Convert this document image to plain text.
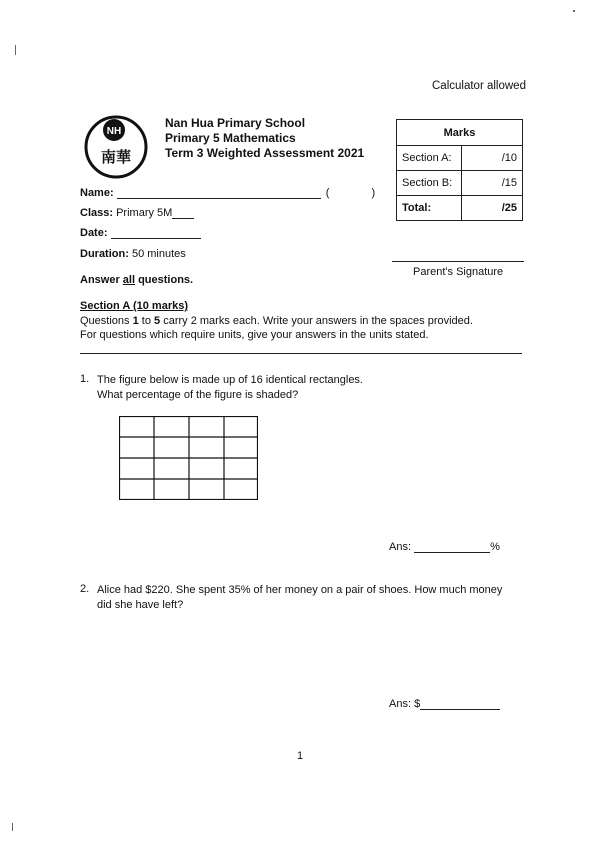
Calculator allowed
NH
南華
Nan Hua Primary School
Primary 5 Mathematics
Term 3 Weighted Assessment 2021
Marks	
Section A:	/10
Section B:	/15
Total:	/25
Name:	(	)
Class: Primary 5M
Date:
Duration: 50 minutes
Parent's Signature
Answer all questions.
Section A (10 marks)
Questions 1 to 5 carry 2 marks each. Write your answers in the spaces provided.
For questions which require units, give your answers in the units stated.
1. The figure below is made up of 16 identical rectangles.
What percentage of the figure is shaded?
Ans:	%
2. Alice had $220. She spent 35% of her money on a pair of shoes. How much money
did she have left?
Ans: $
1
